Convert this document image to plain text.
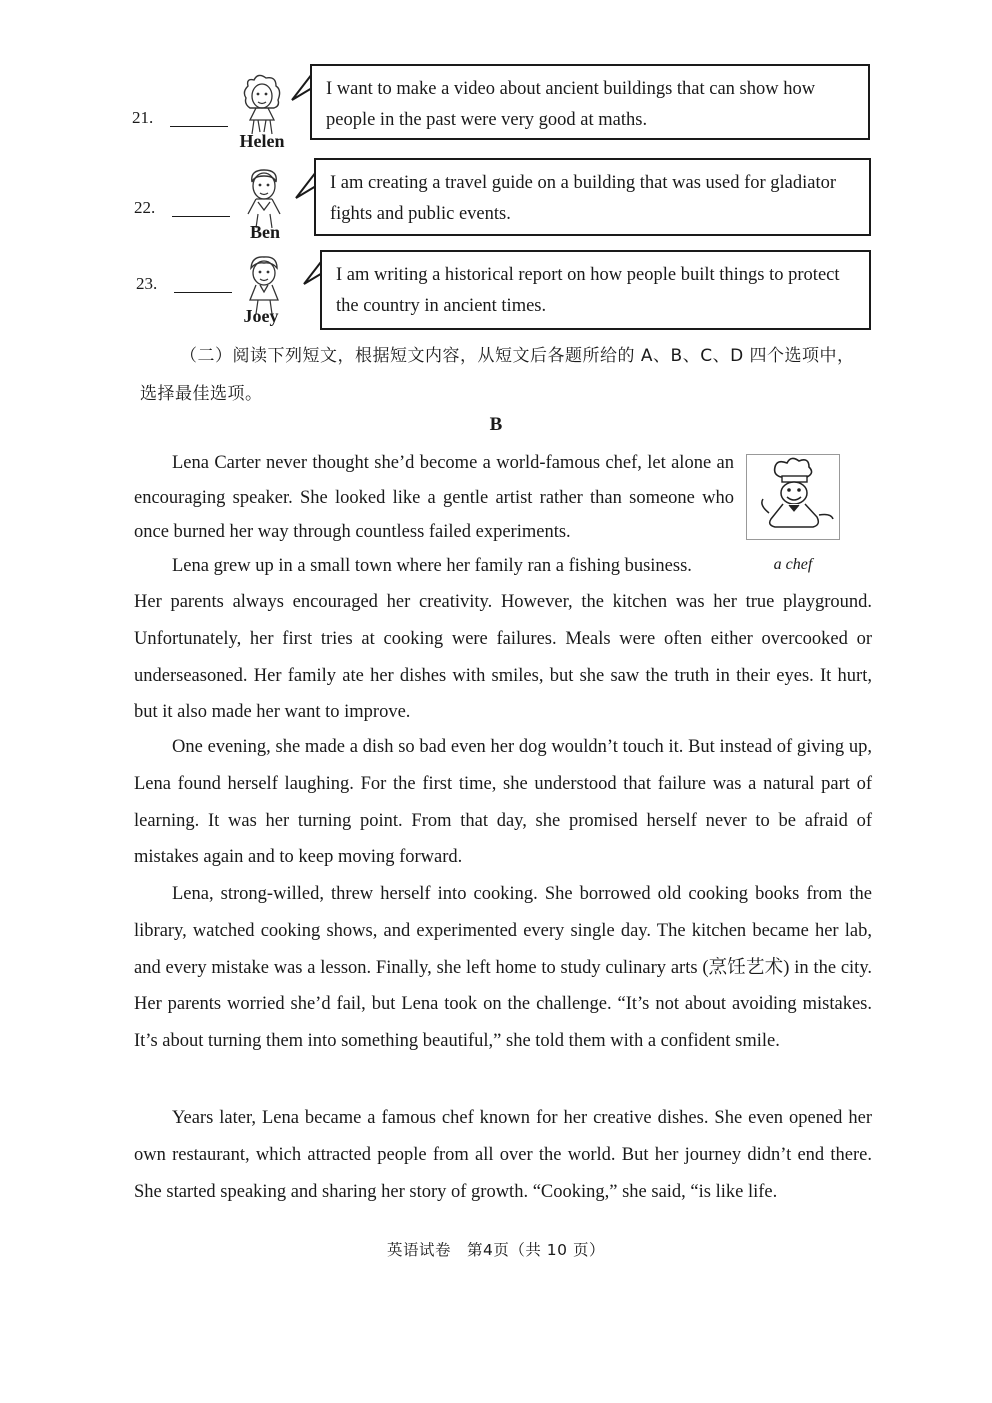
21.
Helen
I want to make a video about ancient buildings that can show how people in the past were very good at maths.
22.
Ben
I am creating a travel guide on a building that was used for gladiator fights and public events.
23.
Joey
I am writing a historical report on how people built things to protect the country in ancient times.
（二）阅读下列短文，根据短文内容，从短文后各题所给的 A、B、C、D 四个选项中，选择最佳选项。
B
a chef

Lena Carter never thought she’d become a world-famous chef, let alone an encouraging speaker. She looked like a gentle artist rather than someone who once burned her way through countless failed experiments.

Lena grew up in a small town where her family ran a fishing business.

Her parents always encouraged her creativity. However, the kitchen was her true playground. Unfortunately, her first tries at cooking were failures. Meals were often either overcooked or underseasoned. Her family ate her dishes with smiles, but she saw the truth in their eyes. It hurt, but it also made her want to improve.

One evening, she made a dish so bad even her dog wouldn’t touch it. But instead of giving up, Lena found herself laughing. For the first time, she understood that failure was a natural part of learning. It was her turning point. From that day, she promised herself never to be afraid of mistakes again and to keep moving forward.

Lena, strong-willed, threw herself into cooking. She borrowed old cooking books from the library, watched cooking shows, and experimented every single day. The kitchen became her lab, and every mistake was a lesson. Finally, she left home to study culinary arts (烹饪艺术) in the city. Her parents worried she’d fail, but Lena took on the challenge. “It’s not about avoiding mistakes. It’s about turning them into something beautiful,” she told them with a confident smile.

Years later, Lena became a famous chef known for her creative dishes. She even opened her own restaurant, which attracted people from all over the world. But her journey didn’t end there. She started speaking and sharing her story of growth. “Cooking,” she said, “is like life.

英语试卷　第4页（共 10 页）
